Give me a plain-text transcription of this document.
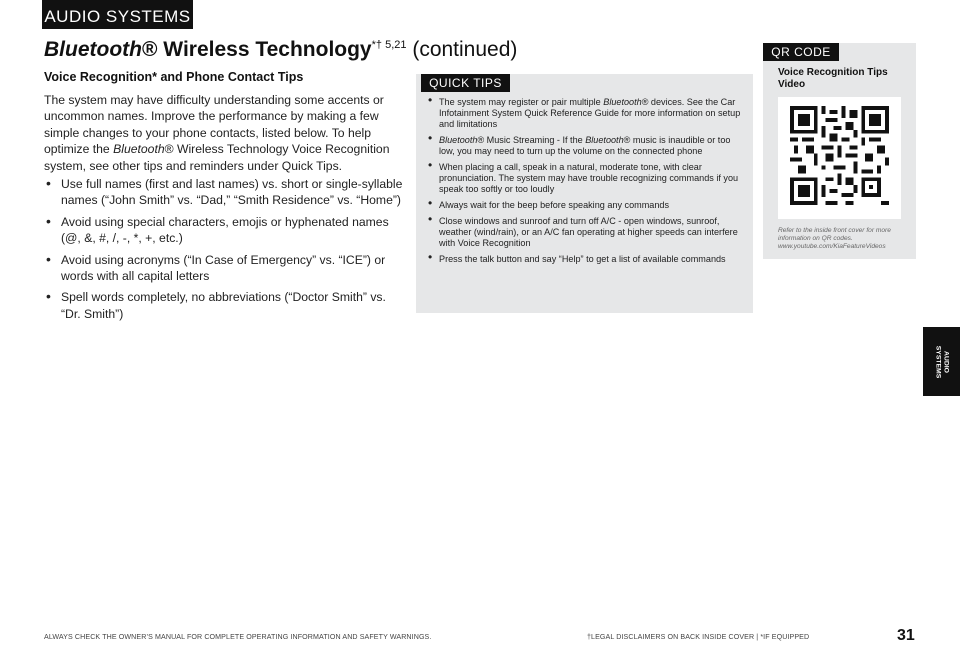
AUDIO SYSTEMS
Bluetooth® Wireless Technology$^{*\dagger 5,21}$ (continued)
Voice Recognition* and Phone Contact Tips

The system may have difficulty understanding some accents or uncommon names. Improve the performance by making a few simple changes to your phone contacts, listed below. To help optimize the Bluetooth® Wireless Technology Voice Recognition system, see other tips and reminders under Quick Tips.

• Use full names (first and last names) vs. short or single-syllable names (“John Smith” vs. “Dad,” “Smith Residence” vs. “Home”)
• Avoid using special characters, emojis or hyphenated names (@, &, #, /, -, *, +, etc.)
• Avoid using acronyms (“In Case of Emergency” vs. “ICE”) or words with all capital letters
• Spell words completely, no abbreviations (“Doctor Smith” vs. “Dr. Smith”)
QUICK TIPS
• The system may register or pair multiple Bluetooth® devices. See the Car Infotainment System Quick Reference Guide for more information on setup and limitations
• Bluetooth® Music Streaming - If the Bluetooth® music is inaudible or too low, you may need to turn up the volume on the connected phone
• When placing a call, speak in a natural, moderate tone, with clear pronunciation. The system may have trouble recognizing commands if you speak too softly or too loudly
• Always wait for the beep before speaking any commands
• Close windows and sunroof and turn off A/C - open windows, sunroof, weather (wind/rain), or an A/C fan operating at higher speeds can interfere with Voice Recognition
• Press the talk button and say “Help” to get a list of available commands
QR CODE
Voice Recognition Tips Video
Refer to the inside front cover for more information on QR codes.
www.youtube.com/KiaFeatureVideos
AUDIO
SYSTEMS
ALWAYS CHECK THE OWNER’S MANUAL FOR COMPLETE OPERATING INFORMATION AND SAFETY WARNINGS.	†LEGAL DISCLAIMERS ON BACK INSIDE COVER | *IF EQUIPPED	31
